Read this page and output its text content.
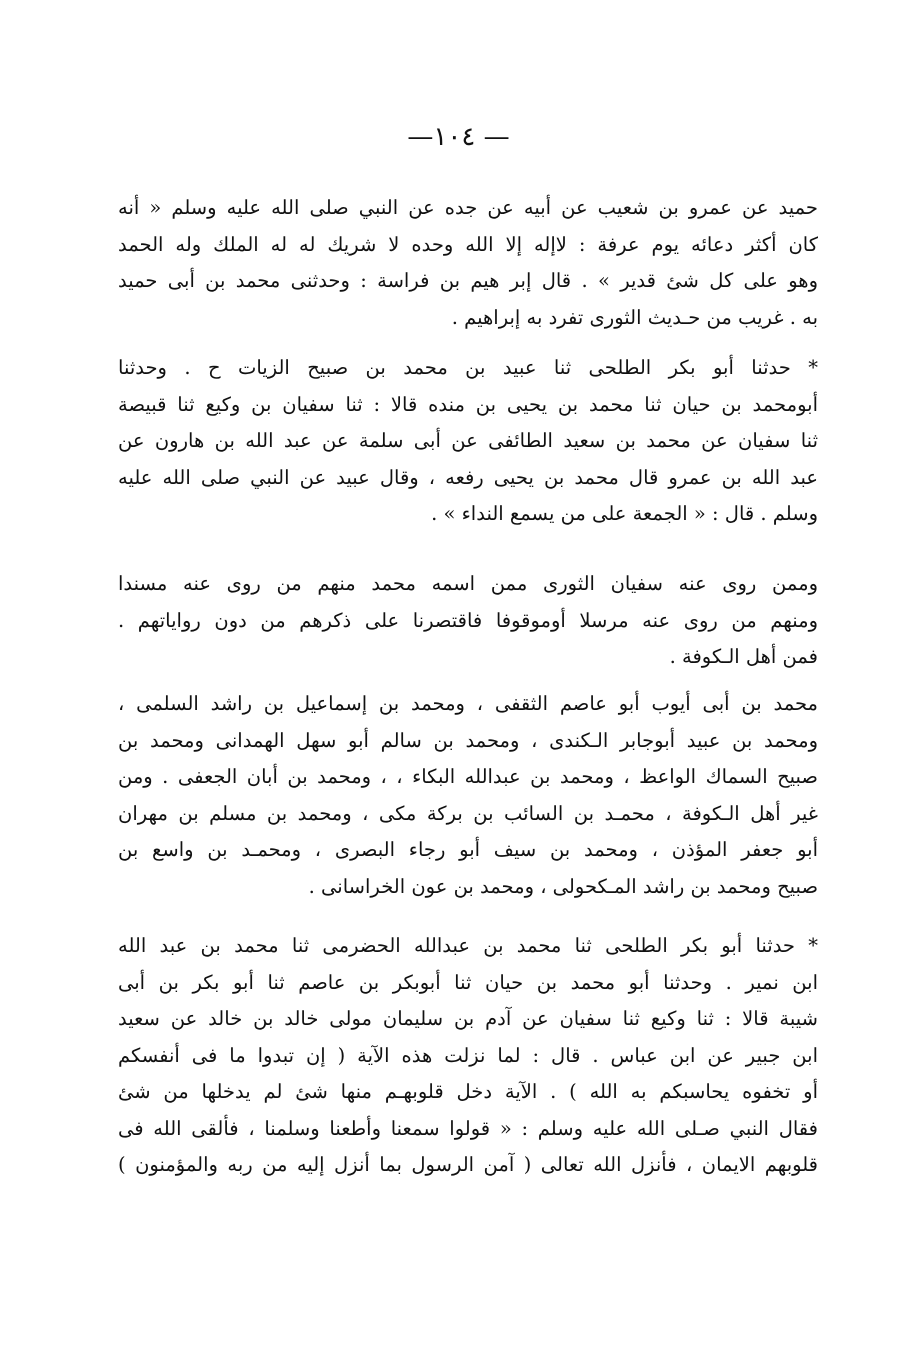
—١٠٤ —
حميد عن عمرو بن شعيب عن أبيه عن جده عن النبي صلى الله عليه وسلم « أنه
كان أكثر دعائه يوم عرفة : لاإله إلا الله وحده لا شريك له له الملك وله الحمد
وهو على كل شئ قدير » . قال إبر هيم بن فراسة : وحدثنى محمد بن أبى حميد
به . غريب من حـديث الثورى تفرد به إبراهيم .
* حدثنا أبو بكر الطلحى ثنا عبيد بن محمد بن صبيح الزيات ح . وحدثنا
أبومحمد بن حيان ثنا محمد بن يحيى بن منده قالا : ثنا سفيان بن وكيع ثنا قبيصة
ثنا سفيان عن محمد بن سعيد الطائفى عن أبى سلمة عن عبد الله بن هارون عن
عبد الله بن عمرو قال محمد بن يحيى رفعه ، وقال عبيد عن النبي صلى الله عليه
وسلم . قال : « الجمعة على من يسمع النداء » .
وممن روى عنه سفيان الثورى ممن اسمه محمد منهم من روى عنه مسندا
ومنهم من روى عنه مرسلا أوموقوفا فاقتصرنا على ذكرهم من دون رواياتهم .
فمن أهل الـكوفة .
محمد بن أبى أيوب أبو عاصم الثقفى ، ومحمد بن إسماعيل بن راشد السلمى ،
ومحمد بن عبيد أبوجابر الـكندى ، ومحمد بن سالم أبو سهل الهمدانى ومحمد بن
صبيح السماك الواعظ ، ومحمد بن عبدالله البكاء ، ، ومحمد بن أبان الجعفى . ومن
غير أهل الـكوفة ، محمـد بن السائب بن بركة مكى ، ومحمد بن مسلم بن مهران
أبو جعفر المؤذن ، ومحمد بن سيف أبو رجاء البصرى ، ومحمـد بن واسع بن
صبيح ومحمد بن راشد المـكحولى ، ومحمد بن عون الخراسانى .
* حدثنا أبو بكر الطلحى ثنا محمد بن عبدالله الحضرمى ثنا محمد بن عبد الله
ابن نمير . وحدثنا أبو محمد بن حيان ثنا أبوبكر بن عاصم ثنا أبو بكر بن أبى
شيبة قالا : ثنا وكيع ثنا سفيان عن آدم بن سليمان مولى خالد بن خالد عن سعيد
ابن جبير عن ابن عباس . قال : لما نزلت هذه الآية ( إن تبدوا ما فى أنفسكم
أو تخفوه يحاسبكم به الله ) . الآية دخل قلوبهـم منها شئ لم يدخلها من شئ
فقال النبي صـلى الله عليه وسلم : « قولوا سمعنا وأطعنا وسلمنا ، فألقى الله فى
قلوبهم الايمان ، فأنزل الله تعالى ( آمن الرسول بما أنزل إليه من ربه والمؤمنون )
